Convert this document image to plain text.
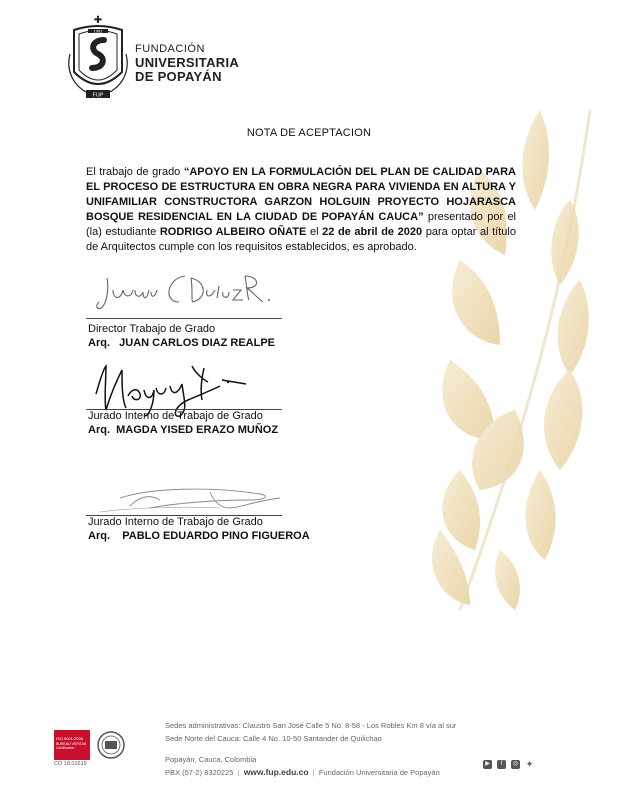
✚
1982
FUP
FUNDACIÓN
UNIVERSITARIA
DE POPAYÁN
NOTA DE ACEPTACION
El trabajo de grado “APOYO EN LA FORMULACIÓN DEL PLAN DE CALIDAD PARA EL PROCESO DE ESTRUCTURA EN OBRA NEGRA PARA VIVIENDA EN ALTURA Y UNIFAMILIAR CONSTRUCTORA GARZON HOLGUIN PROYECTO HOJARASCA BOSQUE RESIDENCIAL EN LA CIUDAD DE POPAYÁN CAUCA” presentado por el (la) estudiante RODRIGO ALBEIRO OÑATE el 22 de abril de 2020 para optar al título de Arquitectos cumple con los requisitos establecidos, es aprobado.
Director Trabajo de Grado
Arq.   JUAN CARLOS DIAZ REALPE
Jurado Interno de Trabajo de Grado
Arq.  MAGDA YISED ERAZO MUÑOZ
Jurado Interno de Trabajo de Grado
Arq.    PABLO EDUARDO PINO FIGUEROA
ISO 9001:2008
BUREAU VERITAS Certification
CO 18.01619
Sedes administrativas: Claustro San José Calle 5 No. 8-58 - Los Robles Km 8 vía al sur
Sede Norte del Cauca: Calle 4 No. 10-50 Santander de Quilichao
Popayán, Cauca, Colombia
PBX (57-2) 8320225  |  www.fup.edu.co  |  Fundación Universitaria de Popayán
▶	f	◎ ✦
